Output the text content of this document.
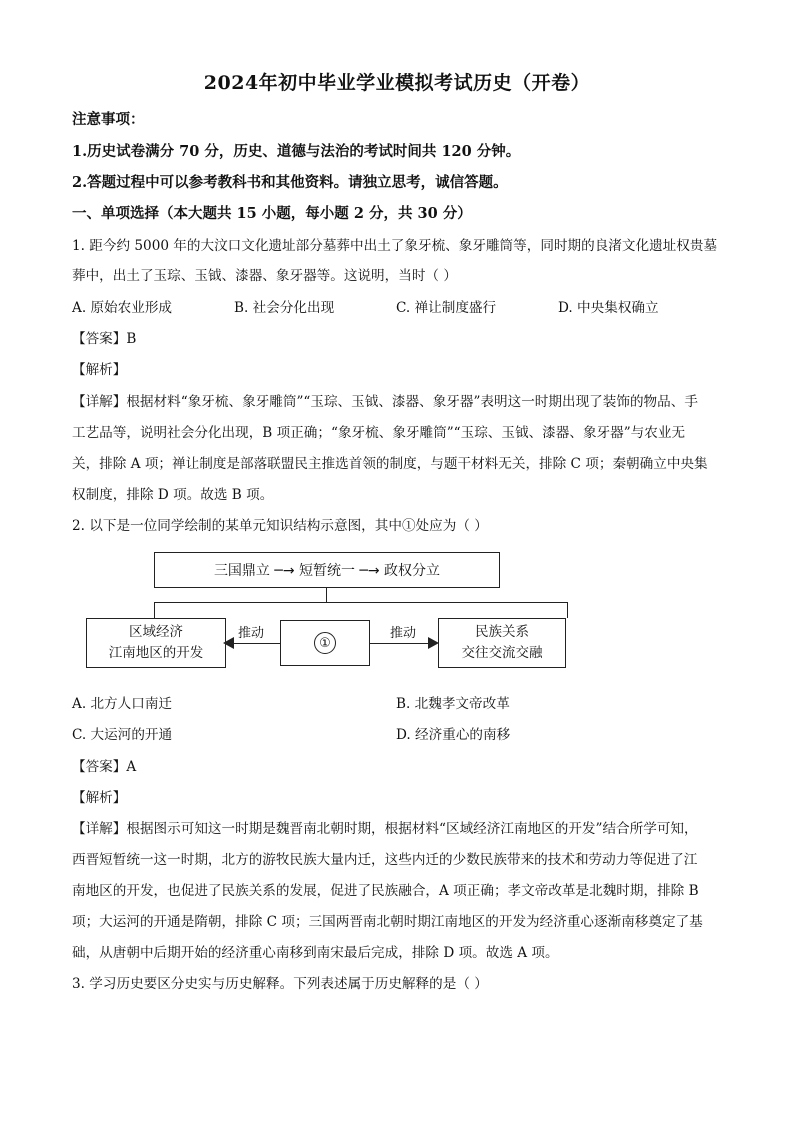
2024年初中毕业学业模拟考试历史（开卷）
注意事项：
1.历史试卷满分 70 分，历史、道德与法治的考试时间共 120 分钟。
2.答题过程中可以参考教科书和其他资料。请独立思考，诚信答题。
一、单项选择（本大题共 15 小题，每小题 2 分，共 30 分）
1. 距今约 5000 年的大汶口文化遗址部分墓葬中出土了象牙梳、象牙雕筒等，同时期的良渚文化遗址权贵墓
葬中，出土了玉琮、玉钺、漆器、象牙器等。这说明，当时（ ）
A. 原始农业形成	B. 社会分化出现	C. 禅让制度盛行	D. 中央集权确立
【答案】B
【解析】
【详解】根据材料“象牙梳、象牙雕筒”“玉琮、玉钺、漆器、象牙器”表明这一时期出现了装饰的物品、手
工艺品等，说明社会分化出现，B 项正确；“象牙梳、象牙雕筒”“玉琮、玉钺、漆器、象牙器”与农业无
关，排除 A 项；禅让制度是部落联盟民主推选首领的制度，与题干材料无关，排除 C 项；秦朝确立中央集
权制度，排除 D 项。故选 B 项。
2. 以下是一位同学绘制的某单元知识结构示意图，其中①处应为（ ）
三国鼎立 ─→ 短暂统一 ─→ 政权分立
区域经济
江南地区的开发
①
民族关系
交往交流交融
推动	推动
A. 北方人口南迁	B. 北魏孝文帝改革
C. 大运河的开通	D. 经济重心的南移
【答案】A
【解析】
【详解】根据图示可知这一时期是魏晋南北朝时期，根据材料“区域经济江南地区的开发”结合所学可知，
西晋短暂统一这一时期，北方的游牧民族大量内迁，这些内迁的少数民族带来的技术和劳动力等促进了江
南地区的开发，也促进了民族关系的发展，促进了民族融合，A 项正确；孝文帝改革是北魏时期，排除 B
项；大运河的开通是隋朝，排除 C 项；三国两晋南北朝时期江南地区的开发为经济重心逐渐南移奠定了基
础，从唐朝中后期开始的经济重心南移到南宋最后完成，排除 D 项。故选 A 项。
3. 学习历史要区分史实与历史解释。下列表述属于历史解释的是（ ）
